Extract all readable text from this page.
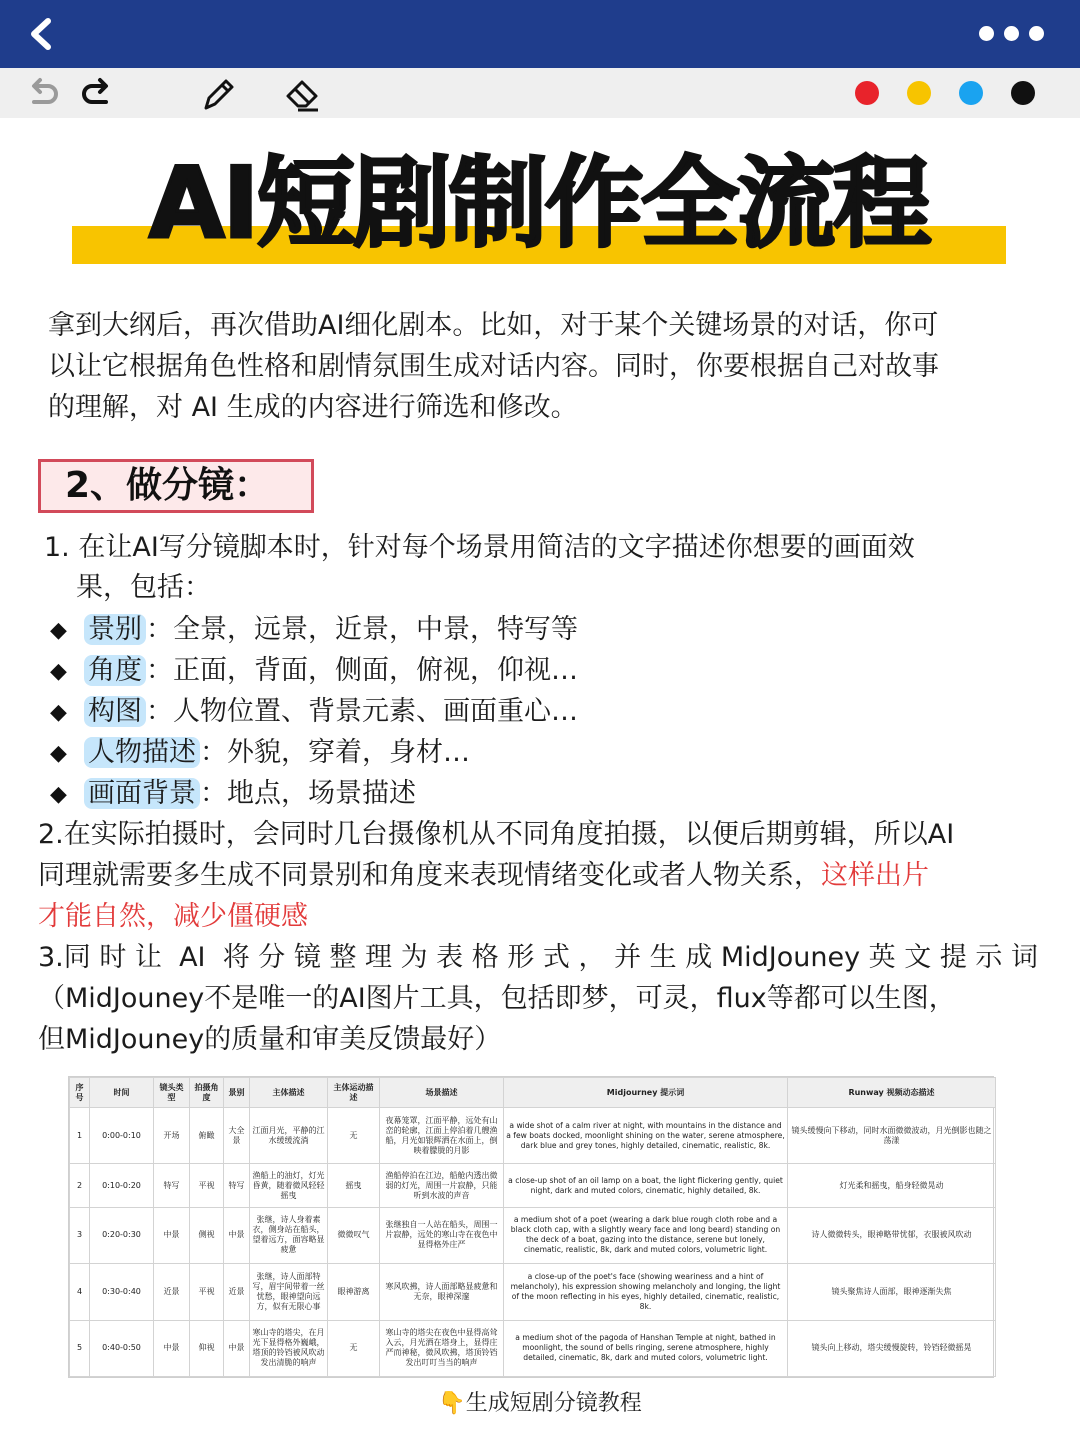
AI短剧制作全流程
拿到大纲后，再次借助AI细化剧本。比如，对于某个关键场景的对话，你可
以让它根据角色性格和剧情氛围生成对话内容。同时，你要根据自己对故事
的理解，对 AI 生成的内容进行筛选和修改。
2、做分镜：
1. 在让AI写分镜脚本时，针对每个场景用简洁的文字描述你想要的画面效
果，包括：
◆ 景别 ：全景，远景，近景，中景，特写等
◆ 角度 ：正面，背面，侧面，俯视，仰视…
◆ 构图 ：人物位置、背景元素、画面重心…
◆ 人物描述 ：外貌，穿着，身材…
◆ 画面背景 ：地点，场景描述
2.在实际拍摄时，会同时几台摄像机从不同角度拍摄，以便后期剪辑，所以AI
同理就需要多生成不同景别和角度来表现情绪变化或者人物关系，这样出片
才能自然，减少僵硬感
3.同 时 让  AI  将 分 镜 整 理 为 表 格 形 式 ， 并 生 成 MidJouney 英 文 提 示 词
（MidJouney不是唯一的AI图片工具，包括即梦，可灵，flux等都可以生图，
但MidJouney的质量和审美反馈最好）
序号	时间	镜头类型	拍摄角度	景别	主体描述	主体运动描述	场景描述	Midjourney 提示词	Runway 视频动态描述
1	0:00-0:10	开场	俯瞰	大全景	江面月光，平静的江水缓缓流淌	无	夜幕笼罩，江面平静，远处有山峦的轮廓，江面上停泊着几艘渔船，月光如银辉洒在水面上，倒映着朦胧的月影	a wide shot of a calm river at night, with mountains in the distance and a few boats docked, moonlight shining on the water, serene atmosphere, dark blue and grey tones, highly detailed, cinematic, realistic, 8k.	镜头缓慢向下移动，同时水面微微波动，月光倒影也随之荡漾
2	0:10-0:20	特写	平视	特写	渔船上的油灯，灯光昏黄，随着微风轻轻摇曳	摇曳	渔船停泊在江边，船舱内透出微弱的灯光，周围一片寂静，只能听到水波的声音	a close-up shot of an oil lamp on a boat, the light flickering gently, quiet night, dark and muted colors, cinematic, highly detailed, 8k.	灯光柔和摇曳，船身轻微晃动
3	0:20-0:30	中景	侧视	中景	张继，诗人身着素衣，侧身站在船头，望着远方，面容略显疲惫	微微叹气	张继独自一人站在船头，周围一片寂静，远处的寒山寺在夜色中显得格外庄严	a medium shot of a poet (wearing a dark blue rough cloth robe and a black cloth cap, with a slightly weary face and long beard) standing on the deck of a boat, gazing into the distance, serene but lonely, cinematic, realistic, 8k, dark and muted colors, volumetric light.	诗人微微转头，眼神略带忧郁，衣服被风吹动
4	0:30-0:40	近景	平视	近景	张继，诗人面部特写，眉宇间带着一丝忧愁，眼神望向远方，似有无限心事	眼神游离	寒风吹拂，诗人面部略显疲惫和无奈，眼神深邃	a close-up of the poet's face (showing weariness and a hint of melancholy), his expression showing melancholy and longing, the light of the moon reflecting in his eyes, highly detailed, cinematic, realistic, 8k.	镜头聚焦诗人面部，眼神逐渐失焦
5	0:40-0:50	中景	仰视	中景	寒山寺的塔尖，在月光下显得格外巍峨，塔顶的铃铛被风吹动发出清脆的响声	无	寒山寺的塔尖在夜色中显得高耸入云，月光洒在塔身上，显得庄严而神秘，微风吹拂，塔顶铃铛发出叮叮当当的响声	a medium shot of the pagoda of Hanshan Temple at night, bathed in moonlight, the sound of bells ringing, serene atmosphere, highly detailed, cinematic, 8k, dark and muted colors, volumetric light.	镜头向上移动，塔尖缓慢旋转，铃铛轻微摇晃
👇生成短剧分镜教程
